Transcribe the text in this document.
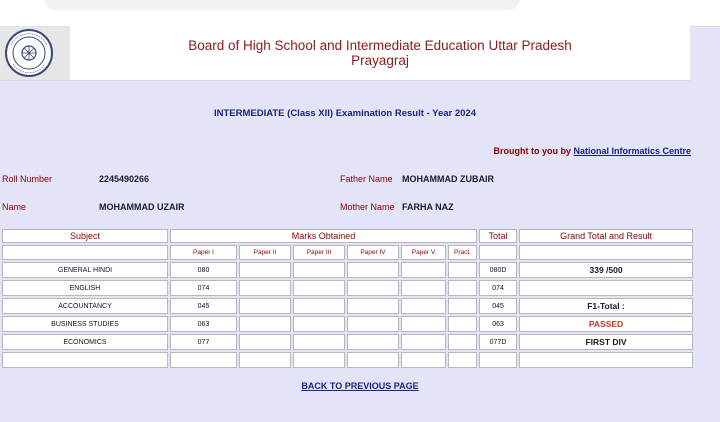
Board of High School and Intermediate Education Uttar Pradesh
Prayagraj
INTERMEDIATE (Class XII) Examination Result - Year 2024
Brought to you by National Informatics Centre
Roll Number	2245490266	Father Name MOHAMMAD ZUBAIR
Name	MOHAMMAD UZAIR	Mother Name FARHA NAZ
Subject	Marks Obtained						Total	Grand Total and Result
	Paper I	Paper II	Paper III	Paper IV	Paper V	Pract.		
GENERAL HINDI	080						080D	339 /500
ENGLISH	074						074	
ACCOUNTANCY	045						045	F1-Total :
BUSINESS STUDIES	063						063	PASSED
ECONOMICS	077						077D	FIRST DIV

BACK TO PREVIOUS PAGE
